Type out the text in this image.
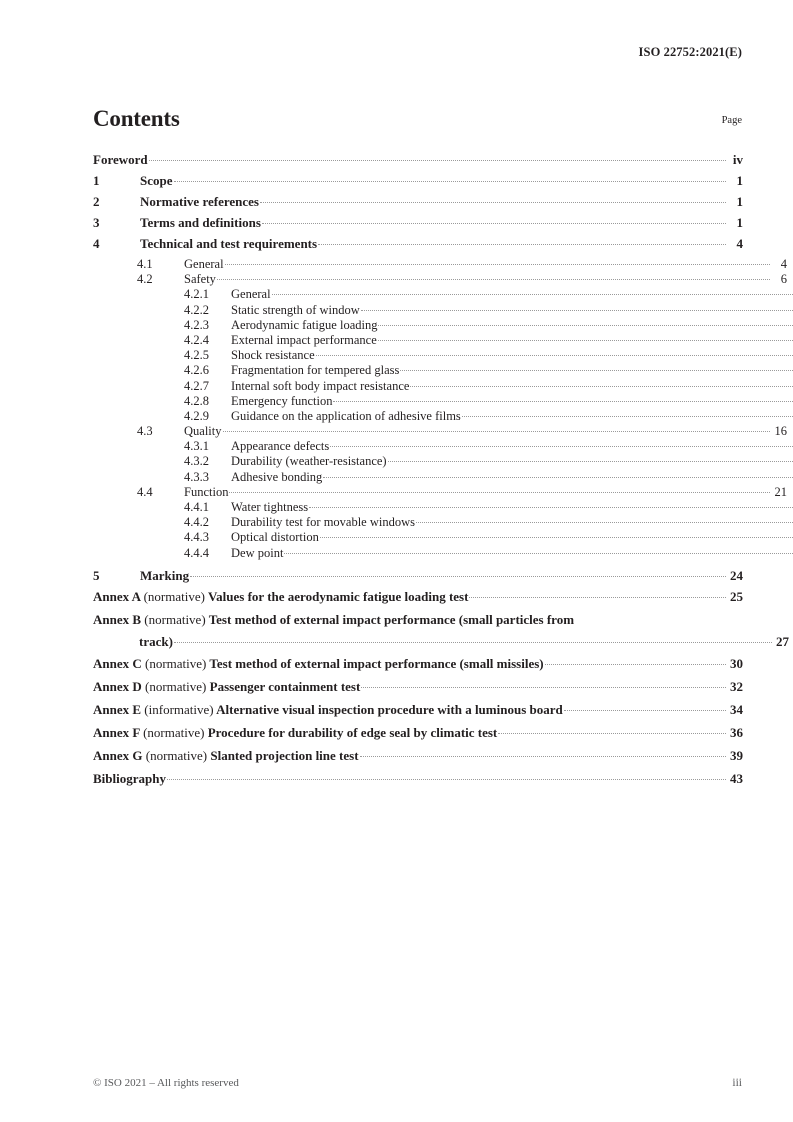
ISO 22752:2021(E)
Contents	Page
Foreword	iv
1	Scope	1
2	Normative references	1
3	Terms and definitions	1
4	Technical and test requirements	4
4.1	General	4
4.2	Safety	6
4.2.1	General
4.2.2	Static strength of window
4.2.3	Aerodynamic fatigue loading
4.2.4	External impact performance
4.2.5	Shock resistance
4.2.6	Fragmentation for tempered glass
4.2.7	Internal soft body impact resistance
4.2.8	Emergency function
4.2.9	Guidance on the application of adhesive films
4.3	Quality	16
4.3.1	Appearance defects
4.3.2	Durability (weather-resistance)
4.3.3	Adhesive bonding
4.4	Function	21
4.4.1	Water tightness
4.4.2	Durability test for movable windows
4.4.3	Optical distortion
4.4.4	Dew point
5	Marking	24
Annex A (normative) Values for the aerodynamic fatigue loading test	25
Annex B (normative) Test method of external impact performance (small particles from
track)	27
Annex C (normative) Test method of external impact performance (small missiles)	30
Annex D (normative) Passenger containment test	32
Annex E (informative) Alternative visual inspection procedure with a luminous board	34
Annex F (normative) Procedure for durability of edge seal by climatic test	36
Annex G (normative) Slanted projection line test	39
Bibliography	43
© ISO 2021 – All rights reserved	iii
